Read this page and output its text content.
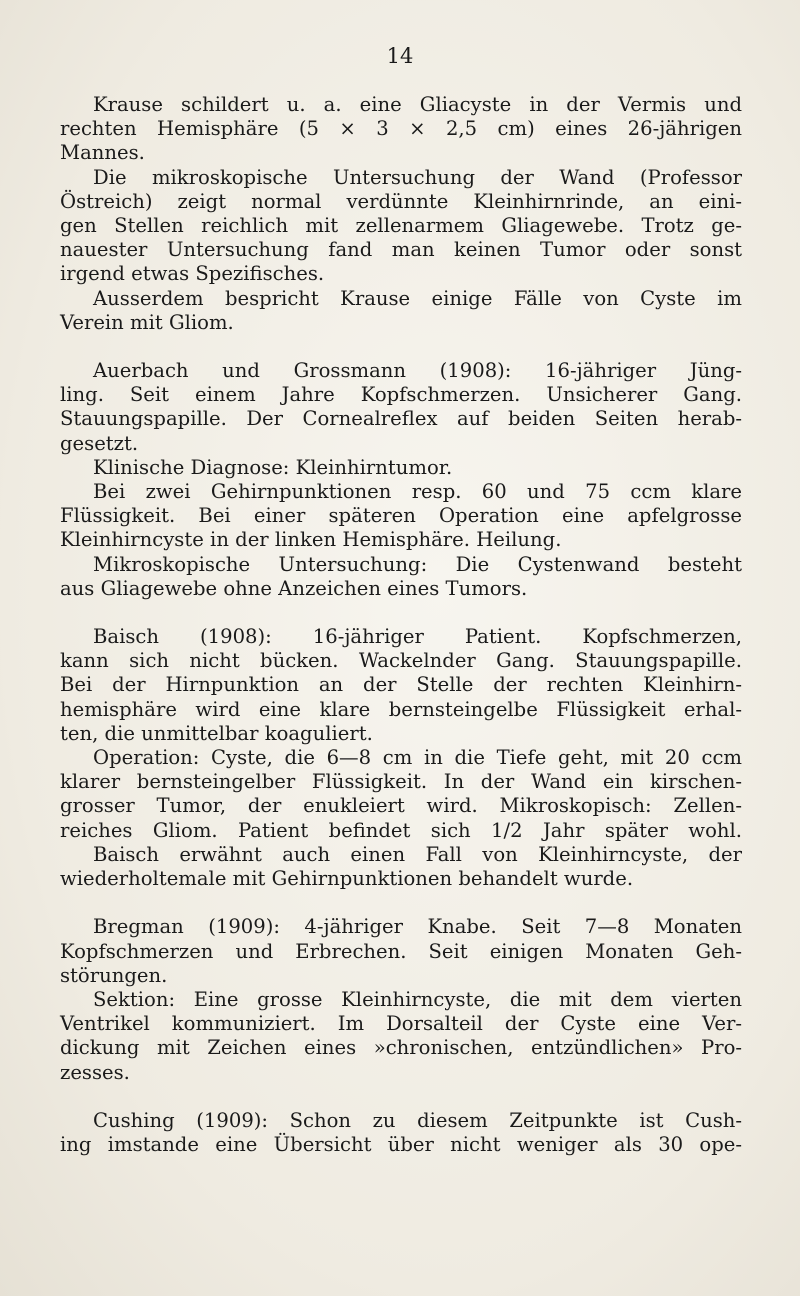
14

Krause schildert u. a. eine Gliacyste in der Vermis und
rechten Hemisphäre (5 × 3 × 2,5 cm) eines 26-jährigen
Mannes.

Die mikroskopische Untersuchung der Wand (Professor
Östreich) zeigt normal verdünnte Kleinhirnrinde, an eini-
gen Stellen reichlich mit zellenarmem Gliagewebe. Trotz ge-
nauester Untersuchung fand man keinen Tumor oder sonst
irgend etwas Spezifisches.

Ausserdem bespricht Krause einige Fälle von Cyste im
Verein mit Gliom.

Auerbach und Grossmann (1908): 16-jähriger Jüng-
ling. Seit einem Jahre Kopfschmerzen. Unsicherer Gang.
Stauungspapille. Der Cornealreflex auf beiden Seiten herab-
gesetzt.

Klinische Diagnose: Kleinhirntumor.

Bei zwei Gehirnpunktionen resp. 60 und 75 ccm klare
Flüssigkeit. Bei einer späteren Operation eine apfelgrosse
Kleinhirncyste in der linken Hemisphäre. Heilung.

Mikroskopische Untersuchung: Die Cystenwand besteht
aus Gliagewebe ohne Anzeichen eines Tumors.

Baisch (1908): 16-jähriger Patient. Kopfschmerzen,
kann sich nicht bücken. Wackelnder Gang. Stauungspapille.
Bei der Hirnpunktion an der Stelle der rechten Kleinhirn-
hemisphäre wird eine klare bernsteingelbe Flüssigkeit erhal-
ten, die unmittelbar koaguliert.

Operation: Cyste, die 6—8 cm in die Tiefe geht, mit 20 ccm
klarer bernsteingelber Flüssigkeit. In der Wand ein kirschen-
grosser Tumor, der enukleiert wird. Mikroskopisch: Zellen-
reiches Gliom. Patient befindet sich 1/2 Jahr später wohl.

Baisch erwähnt auch einen Fall von Kleinhirncyste, der
wiederholtemale mit Gehirnpunktionen behandelt wurde.

Bregman (1909): 4-jähriger Knabe. Seit 7—8 Monaten
Kopfschmerzen und Erbrechen. Seit einigen Monaten Geh-
störungen.

Sektion: Eine grosse Kleinhirncyste, die mit dem vierten
Ventrikel kommuniziert. Im Dorsalteil der Cyste eine Ver-
dickung mit Zeichen eines »chronischen, entzündlichen» Pro-
zesses.

Cushing (1909): Schon zu diesem Zeitpunkte ist Cush-
ing imstande eine Übersicht über nicht weniger als 30 ope-
